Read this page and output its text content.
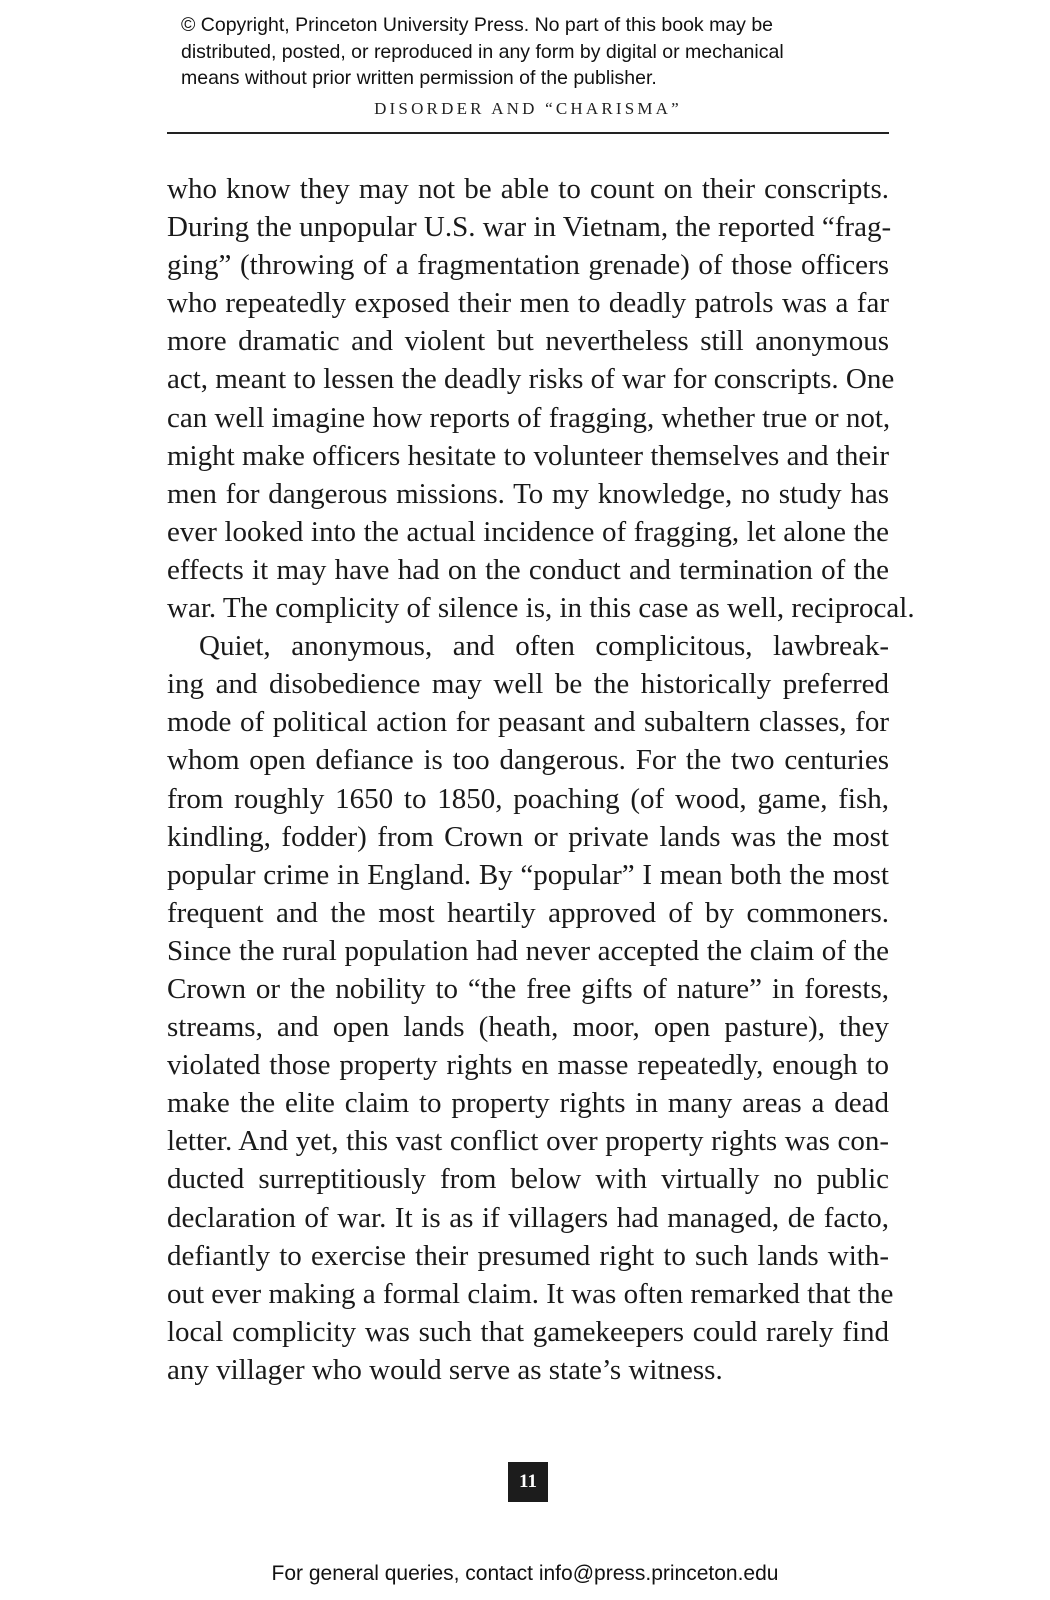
© Copyright, Princeton University Press. No part of this book may be
distributed, posted, or reproduced in any form by digital or mechanical
means without prior written permission of the publisher.
DISORDER AND “CHARISMA”
who know they may not be able to count on their conscripts.
During the unpopular U.S. war in Vietnam, the reported “frag-
ging” (throwing of a fragmentation grenade) of those officers
who repeatedly exposed their men to deadly patrols was a far
more dramatic and violent but nevertheless still anonymous
act, meant to lessen the deadly risks of war for conscripts. One
can well imagine how reports of fragging, whether true or not,
might make officers hesitate to volunteer themselves and their
men for dangerous missions. To my knowledge, no study has
ever looked into the actual incidence of fragging, let alone the
effects it may have had on the conduct and termination of the
war. The complicity of silence is, in this case as well, reciprocal.
Quiet, anonymous, and often complicitous, lawbreak-
ing and disobedience may well be the historically preferred
mode of political action for peasant and subaltern classes, for
whom open defiance is too dangerous. For the two centuries
from roughly 1650 to 1850, poaching (of wood, game, fish,
kindling, fodder) from Crown or private lands was the most
popular crime in England. By “popular” I mean both the most
frequent and the most heartily approved of by commoners.
Since the rural population had never accepted the claim of the
Crown or the nobility to “the free gifts of nature” in forests,
streams, and open lands (heath, moor, open pasture), they
violated those property rights en masse repeatedly, enough to
make the elite claim to property rights in many areas a dead
letter. And yet, this vast conflict over property rights was con-
ducted surreptitiously from below with virtually no public
declaration of war. It is as if villagers had managed, de facto,
defiantly to exercise their presumed right to such lands with-
out ever making a formal claim. It was often remarked that the
local complicity was such that gamekeepers could rarely find
any villager who would serve as state’s witness.
11
For general queries, contact info@press.princeton.edu
